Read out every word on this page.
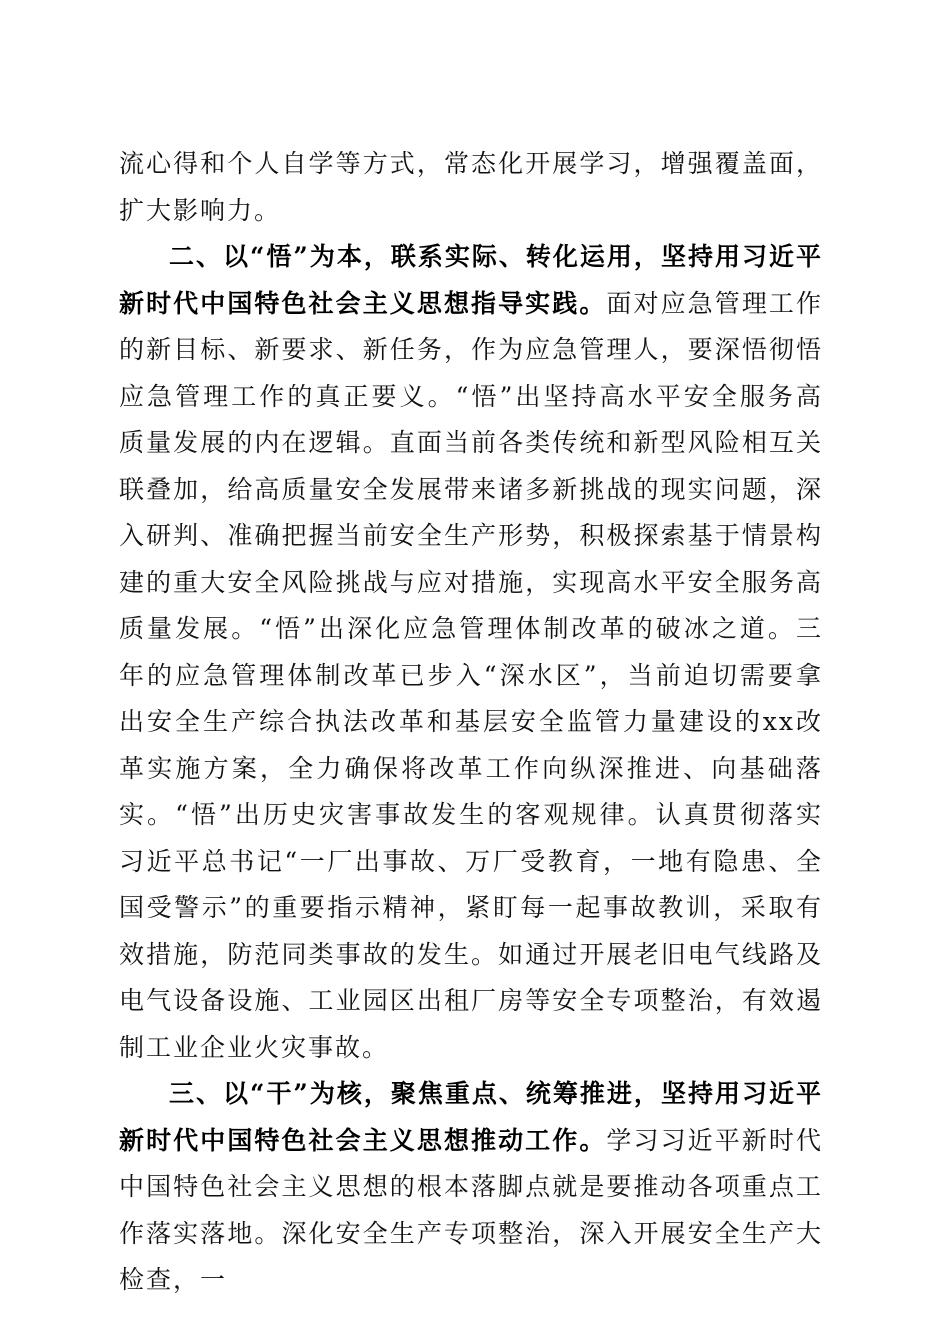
流心得和个人自学等方式，常态化开展学习，增强覆盖面，扩大影响力。

二、以“悟”为本，联系实际、转化运用，坚持用习近平新时代中国特色社会主义思想指导实践。面对应急管理工作的新目标、新要求、新任务，作为应急管理人，要深悟彻悟应急管理工作的真正要义。“悟”出坚持高水平安全服务高质量发展的内在逻辑。直面当前各类传统和新型风险相互关联叠加，给高质量安全发展带来诸多新挑战的现实问题，深入研判、准确把握当前安全生产形势，积极探索基于情景构建的重大安全风险挑战与应对措施，实现高水平安全服务高质量发展。“悟”出深化应急管理体制改革的破冰之道。三年的应急管理体制改革已步入“深水区”，当前迫切需要拿出安全生产综合执法改革和基层安全监管力量建设的xx改革实施方案，全力确保将改革工作向纵深推进、向基础落实。“悟”出历史灾害事故发生的客观规律。认真贯彻落实习近平总书记“一厂出事故、万厂受教育，一地有隐患、全国受警示”的重要指示精神，紧盯每一起事故教训，采取有效措施，防范同类事故的发生。如通过开展老旧电气线路及电气设备设施、工业园区出租厂房等安全专项整治，有效遏制工业企业火灾事故。

三、以“干”为核，聚焦重点、统筹推进，坚持用习近平新时代中国特色社会主义思想推动工作。学习习近平新时代中国特色社会主义思想的根本落脚点就是要推动各项重点工作落实落地。深化安全生产专项整治，深入开展安全生产大检查，一
